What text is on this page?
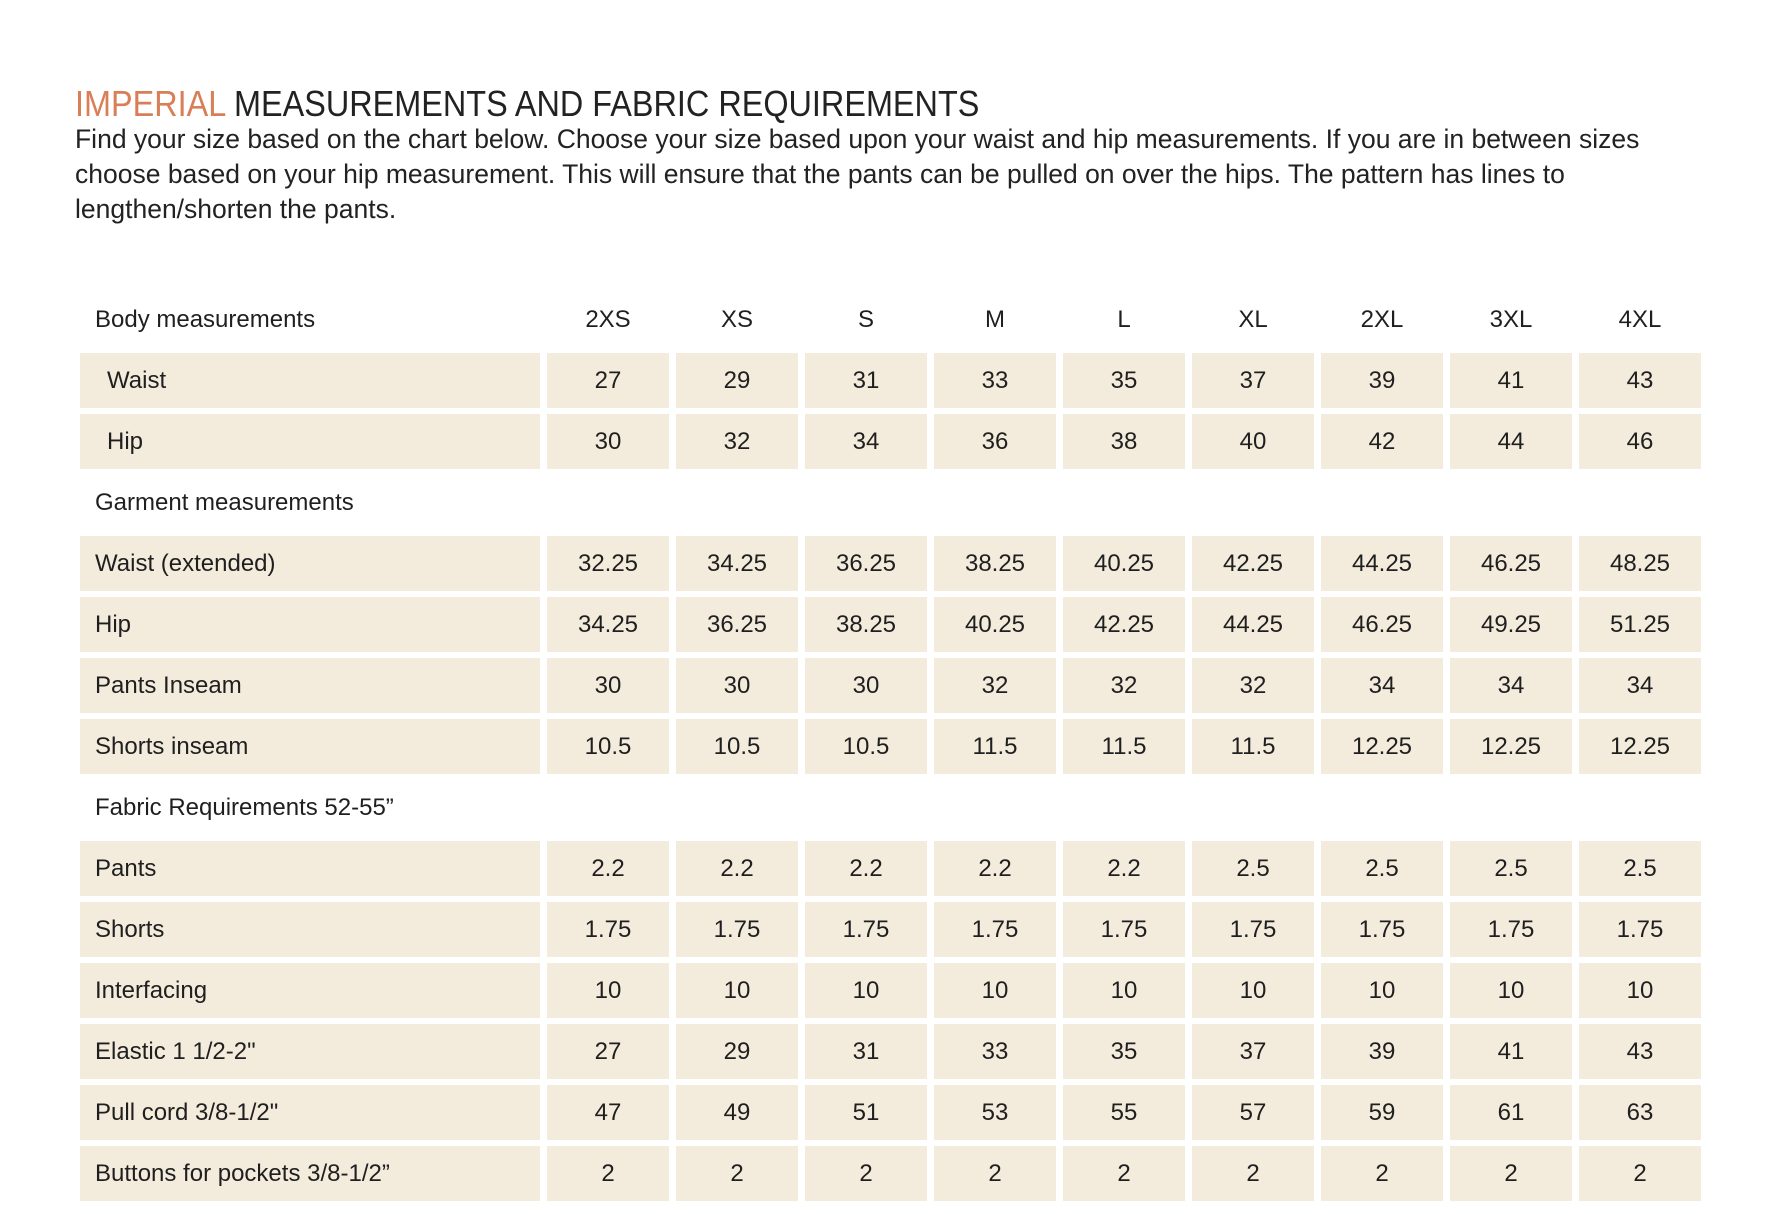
IMPERIAL MEASUREMENTS AND FABRIC REQUIREMENTS

Find your size based on the chart below. Choose your size based upon your waist and hip measurements. If you are in between sizes choose based on your hip measurement. This will ensure that the pants can be pulled on over the hips. The pattern has lines to lengthen/shorten the pants.

Body measurements	2XS	XS	S	M	L	XL	2XL	3XL	4XL
Waist	27	29	31	33	35	37	39	41	43
Hip	30	32	34	36	38	40	42	44	46
Garment measurements									
Waist (extended)	32.25	34.25	36.25	38.25	40.25	42.25	44.25	46.25	48.25
Hip	34.25	36.25	38.25	40.25	42.25	44.25	46.25	49.25	51.25
Pants Inseam	30	30	30	32	32	32	34	34	34
Shorts inseam	10.5	10.5	10.5	11.5	11.5	11.5	12.25	12.25	12.25
Fabric Requirements 52-55”									
Pants	2.2	2.2	2.2	2.2	2.2	2.5	2.5	2.5	2.5
Shorts	1.75	1.75	1.75	1.75	1.75	1.75	1.75	1.75	1.75
Interfacing	10	10	10	10	10	10	10	10	10
Elastic 1 1/2-2"	27	29	31	33	35	37	39	41	43
Pull cord 3/8-1/2"	47	49	51	53	55	57	59	61	63
Buttons for pockets 3/8-1/2”	2	2	2	2	2	2	2	2	2
